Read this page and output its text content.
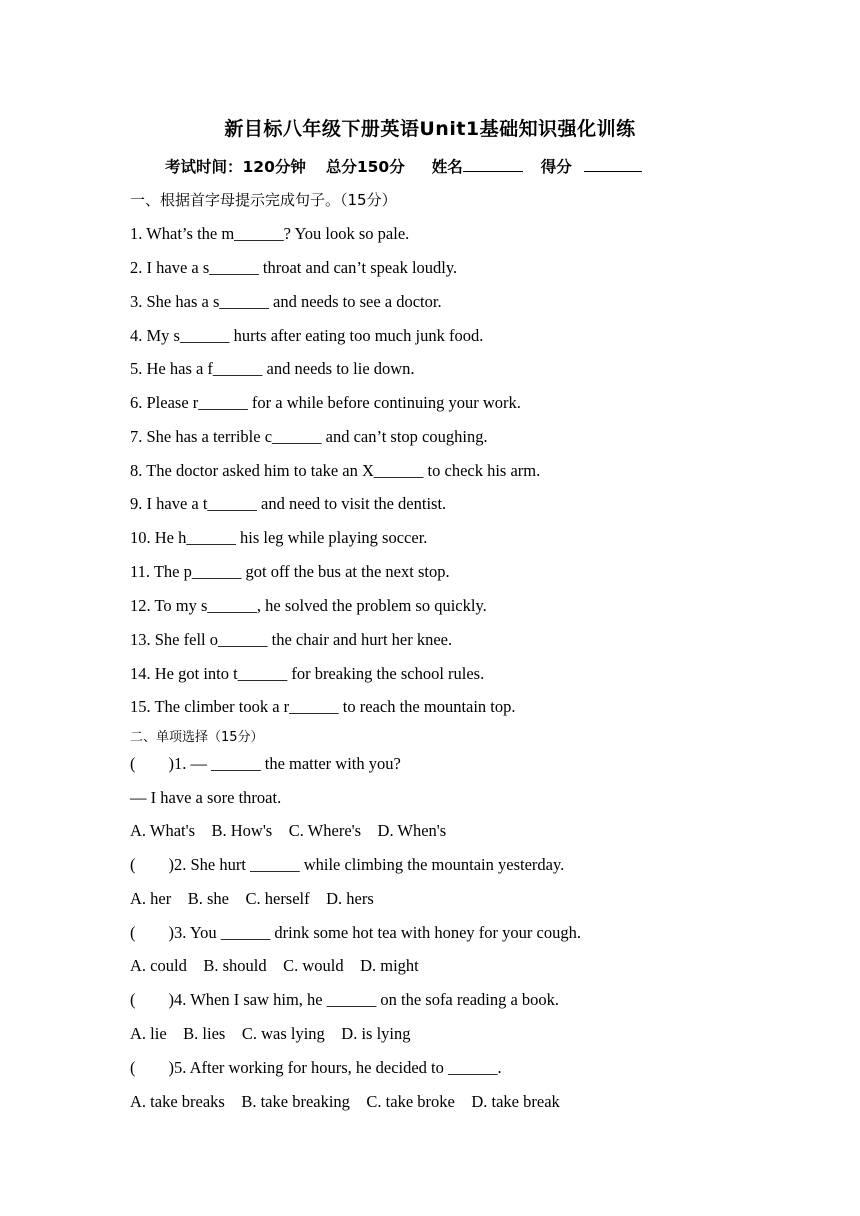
新目标八年级下册英语Unit1基础知识强化训练
考试时间：120分钟 总分150分 姓名	得分
一、根据首字母提示完成句子。（15分）
1. What’s the m______? You look so pale.
2. I have a s______ throat and can’t speak loudly.
3. She has a s______ and needs to see a doctor.
4. My s______ hurts after eating too much junk food.
5. He has a f______ and needs to lie down.
6. Please r______ for a while before continuing your work.
7. She has a terrible c______ and can’t stop coughing.
8. The doctor asked him to take an X______ to check his arm.
9. I have a t______ and need to visit the dentist.
10. He h______ his leg while playing soccer.
11. The p______ got off the bus at the next stop.
12. To my s______, he solved the problem so quickly.
13. She fell o______ the chair and hurt her knee.
14. He got into t______ for breaking the school rules.
15. The climber took a r______ to reach the mountain top.
二、单项选择（15分）
(        )1. — ______ the matter with you?
— I have a sore throat.
A. What's    B. How's    C. Where's    D. When's
(        )2. She hurt ______ while climbing the mountain yesterday.
A. her    B. she    C. herself    D. hers
(        )3. You ______ drink some hot tea with honey for your cough.
A. could    B. should    C. would    D. might
(        )4. When I saw him, he ______ on the sofa reading a book.
A. lie    B. lies    C. was lying    D. is lying
(        )5. After working for hours, he decided to ______.
A. take breaks    B. take breaking    C. take broke    D. take break
